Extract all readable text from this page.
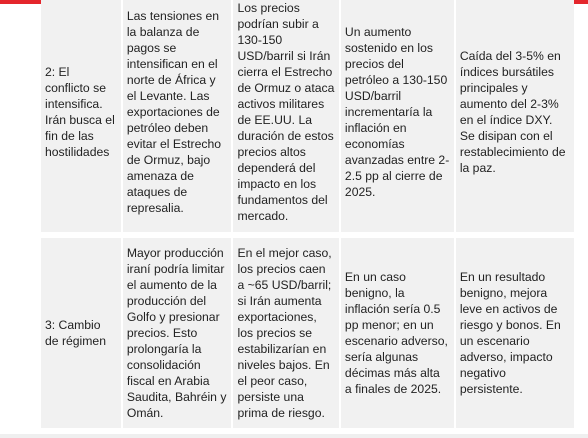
2: El conflicto se intensifica. Irán busca el fin de las hostilidades	Las tensiones en la balanza de pagos se intensifican en el norte de África y el Levante. Las exportaciones de petróleo deben evitar el Estrecho de Ormuz, bajo amenaza de ataques de represalia.	Los precios podrían subir a 130-150 USD/barril si Irán cierra el Estrecho de Ormuz o ataca activos militares de EE.UU. La duración de estos precios altos dependerá del impacto en los fundamentos del mercado.	Un aumento sostenido en los precios del petróleo a 130-150 USD/barril incrementaría la inflación en economías avanzadas entre 2-2.5 pp al cierre de 2025.	Caída del 3-5% en índices bursátiles principales y aumento del 2-3% en el índice DXY. Se disipan con el restablecimiento de la paz.
3: Cambio de régimen	Mayor producción iraní podría limitar el aumento de la producción del Golfo y presionar precios. Esto prolongaría la consolidación fiscal en Arabia Saudita, Bahréin y Omán.	En el mejor caso, los precios caen a ~65 USD/barril; si Irán aumenta exportaciones, los precios se estabilizarían en niveles bajos. En el peor caso, persiste una prima de riesgo.	En un caso benigno, la inflación sería 0.5 pp menor; en un escenario adverso, sería algunas décimas más alta a finales de 2025.	En un resultado benigno, mejora leve en activos de riesgo y bonos. En un escenario adverso, impacto negativo persistente.
